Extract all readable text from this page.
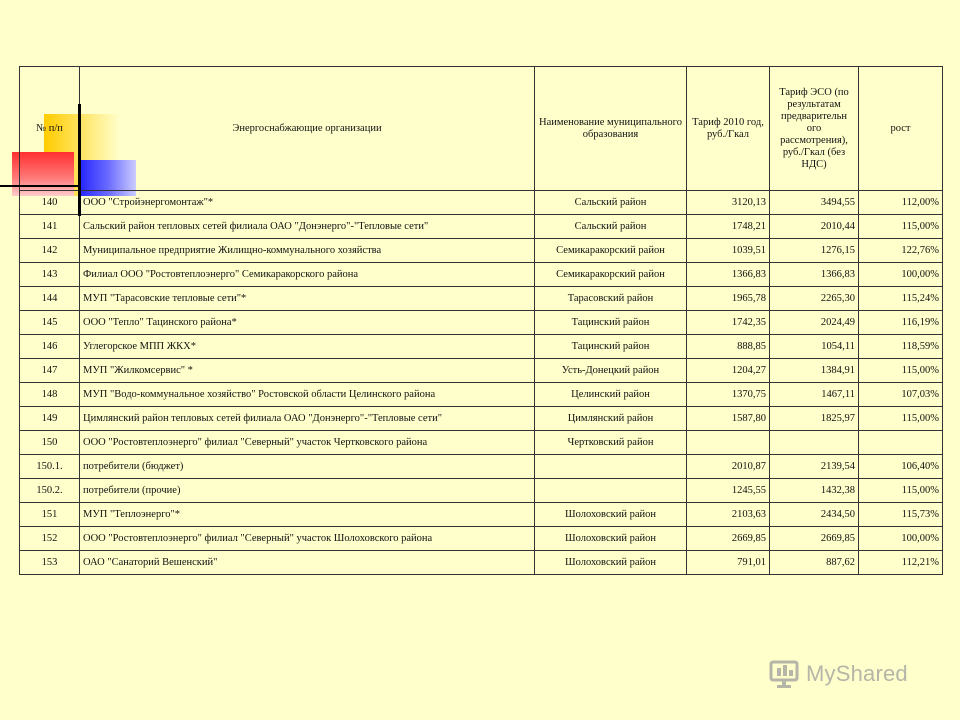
№ п/п	Энергоснабжающие организации	Наименование муниципального образования	Тариф 2010 год, руб./Гкал	Тариф ЭСО (по результатам предварительн ого рассмотрения), руб./Гкал (без НДС)	рост
140	ООО "Стройэнергомонтаж"*	Сальский район	3120,13	3494,55	112,00%
141	Сальский район тепловых сетей филиала ОАО "Донэнерго"-"Тепловые сети"	Сальский район	1748,21	2010,44	115,00%
142	Муниципальное предприятие Жилищно-коммунального хозяйства	Семикаракорский район	1039,51	1276,15	122,76%
143	Филиал ООО "Ростовтеплоэнерго" Семикаракорского района	Семикаракорский район	1366,83	1366,83	100,00%
144	МУП "Тарасовские тепловые сети"*	Тарасовский район	1965,78	2265,30	115,24%
145	ООО "Тепло" Тацинского района*	Тацинский район	1742,35	2024,49	116,19%
146	Углегорское МПП ЖКХ*	Тацинский район	888,85	1054,11	118,59%
147	МУП "Жилкомсервис" *	Усть-Донецкий район	1204,27	1384,91	115,00%
148	МУП "Водо-коммунальное хозяйство" Ростовской области Целинского района	Целинский район	1370,75	1467,11	107,03%
149	Цимлянский район тепловых сетей филиала ОАО "Донэнерго"-"Тепловые сети"	Цимлянский район	1587,80	1825,97	115,00%
150	ООО "Ростовтеплоэнерго" филиал "Северный" участок Чертковского района	Чертковский район			
150.1.	потребители (бюджет)		2010,87	2139,54	106,40%
150.2.	потребители (прочие)		1245,55	1432,38	115,00%
151	МУП "Теплоэнерго"*	Шолоховский район	2103,63	2434,50	115,73%
152	ООО "Ростовтеплоэнерго" филиал "Северный" участок Шолоховского района	Шолоховский район	2669,85	2669,85	100,00%
153	ОАО "Санаторий Вешенский"	Шолоховский район	791,01	887,62	112,21%
MyShared
